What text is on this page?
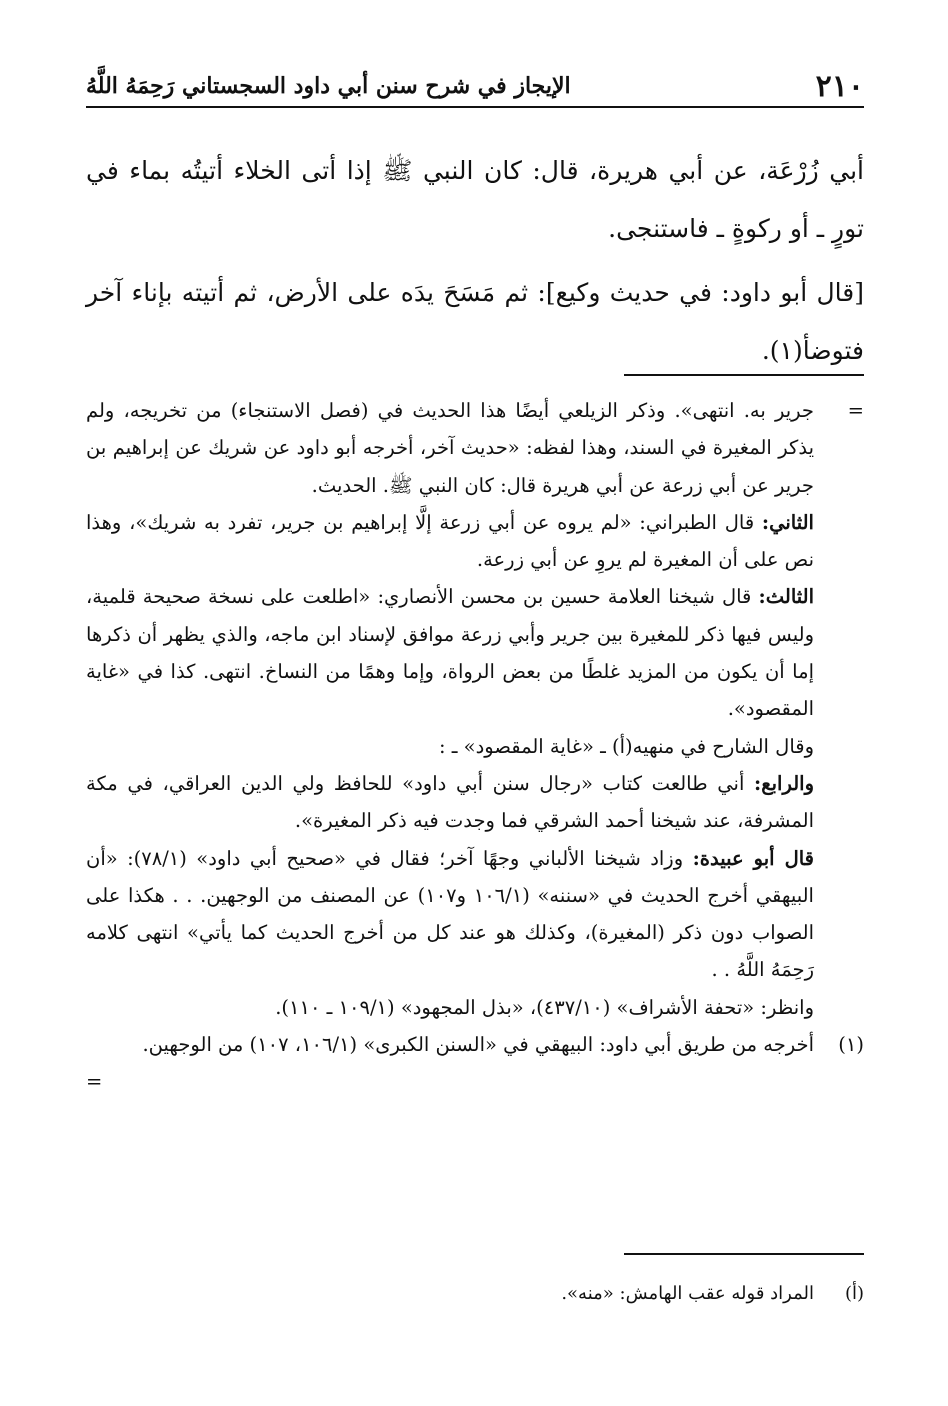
٢١٠
الإيجاز في شرح سنن أبي داود السجستاني رَحِمَهُ اللَّهُ

أبي زُرْعَة، عن أبي هريرة، قال: كان النبي ﷺ إذا أتى الخلاء أتيتُه بماء في تورٍ ـ أو ركوةٍ ـ فاستنجى.

[قال أبو داود: في حديث وكيع]: ثم مَسَحَ يدَه على الأرض، ثم أتيته بإناء آخر فتوضأ(١).

=

جرير به. انتهى». وذكر الزيلعي أيضًا هذا الحديث في (فصل الاستنجاء) من تخريجه، ولم يذكر المغيرة في السند، وهذا لفظه: «حديث آخر، أخرجه أبو داود عن شريك عن إبراهيم بن جرير عن أبي زرعة عن أبي هريرة قال: كان النبي ﷺ. الحديث.

الثاني: قال الطبراني: «لم يروه عن أبي زرعة إلَّا إبراهيم بن جرير، تفرد به شريك»، وهذا نص على أن المغيرة لم يروِ عن أبي زرعة.

الثالث: قال شيخنا العلامة حسين بن محسن الأنصاري: «اطلعت على نسخة صحيحة قلمية، وليس فيها ذكر للمغيرة بين جرير وأبي زرعة موافق لإسناد ابن ماجه، والذي يظهر أن ذكرها إما أن يكون من المزيد غلطًا من بعض الرواة، وإما وهمًا من النساخ. انتهى. كذا في «غاية المقصود».

وقال الشارح في منهيه(أ) ـ «غاية المقصود» ـ :

والرابع: أني طالعت كتاب «رجال سنن أبي داود» للحافظ ولي الدين العراقي، في مكة المشرفة، عند شيخنا أحمد الشرقي فما وجدت فيه ذكر المغيرة».

قال أبو عبيدة: وزاد شيخنا الألباني وجهًا آخر؛ فقال في «صحيح أبي داود» (٧٨/١): «أن البيهقي أخرج الحديث في «سننه» (١٠٦/١ و١٠٧) عن المصنف من الوجهين. . . هكذا على الصواب دون ذكر (المغيرة)، وكذلك هو عند كل من أخرج الحديث كما يأتي» انتهى كلامه رَحِمَهُ اللَّهُ . .

وانظر: «تحفة الأشراف» (٤٣٧/١٠)، «بذل المجهود» (١٠٩/١ ـ ١١٠).

(١)

أخرجه من طريق أبي داود: البيهقي في «السنن الكبرى» (١٠٦/١، ١٠٧) من الوجهين.

=
(أ)
المراد قوله عقب الهامش: «منه».
